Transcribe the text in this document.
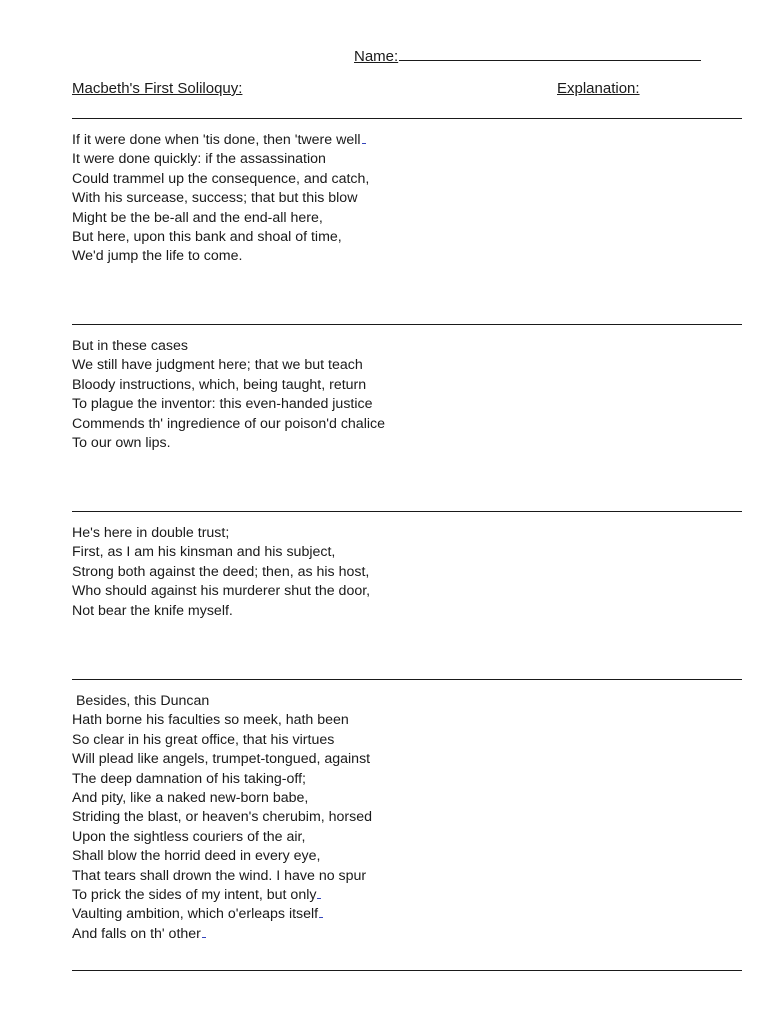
Name:
Macbeth's First Soliloquy:	Explanation:
If it were done when 'tis done, then 'twere well
It were done quickly: if the assassination
Could trammel up the consequence, and catch,
With his surcease, success; that but this blow
Might be the be-all and the end-all here,
But here, upon this bank and shoal of time,
We'd jump the life to come.
But in these cases
We still have judgment here; that we but teach
Bloody instructions, which, being taught, return
To plague the inventor: this even-handed justice
Commends th' ingredience of our poison'd chalice
To our own lips.
He's here in double trust;
First, as I am his kinsman and his subject,
Strong both against the deed; then, as his host,
Who should against his murderer shut the door,
Not bear the knife myself.
Besides, this Duncan
Hath borne his faculties so meek, hath been
So clear in his great office, that his virtues
Will plead like angels, trumpet-tongued, against
The deep damnation of his taking-off;
And pity, like a naked new-born babe,
Striding the blast, or heaven's cherubim, horsed
Upon the sightless couriers of the air,
Shall blow the horrid deed in every eye,
That tears shall drown the wind. I have no spur
To prick the sides of my intent, but only
Vaulting ambition, which o'erleaps itself
And falls on th' other
